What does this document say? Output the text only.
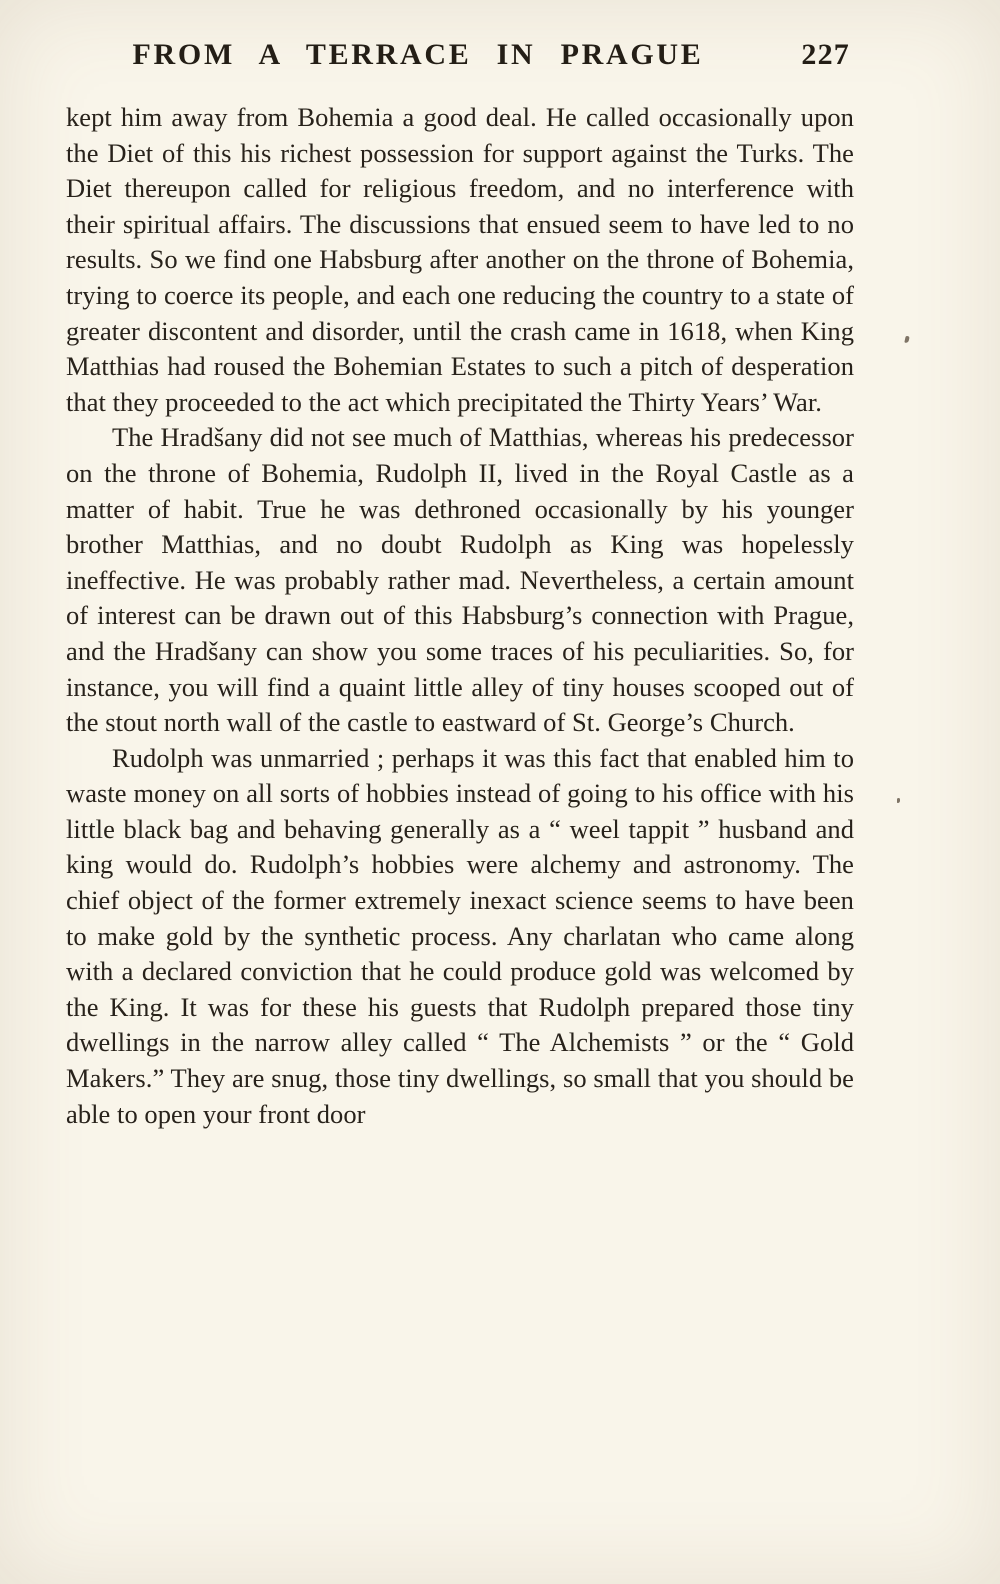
FROM A TERRACE IN PRAGUE	227

kept him away from Bohemia a good deal. He called occasionally upon the Diet of this his richest possession for support against the Turks. The Diet thereupon called for religious freedom, and no interference with their spiritual affairs. The discussions that ensued seem to have led to no results. So we find one Habsburg after another on the throne of Bohemia, trying to coerce its people, and each one reducing the country to a state of greater discontent and disorder, until the crash came in 1618, when King Matthias had roused the Bohemian Estates to such a pitch of desperation that they proceeded to the act which precipitated the Thirty Years’ War.

The Hradšany did not see much of Matthias, whereas his predecessor on the throne of Bohemia, Rudolph II, lived in the Royal Castle as a matter of habit. True he was dethroned occasionally by his younger brother Matthias, and no doubt Rudolph as King was hopelessly ineffective. He was probably rather mad. Nevertheless, a certain amount of interest can be drawn out of this Habsburg’s connection with Prague, and the Hradšany can show you some traces of his peculiarities. So, for instance, you will find a quaint little alley of tiny houses scooped out of the stout north wall of the castle to eastward of St. George’s Church.

Rudolph was unmarried ; perhaps it was this fact that enabled him to waste money on all sorts of hobbies instead of going to his office with his little black bag and behaving generally as a “ weel tappit ” husband and king would do. Rudolph’s hobbies were alchemy and astronomy. The chief object of the former extremely inexact science seems to have been to make gold by the synthetic process. Any charlatan who came along with a declared conviction that he could produce gold was welcomed by the King. It was for these his guests that Rudolph prepared those tiny dwellings in the narrow alley called “ The Alchemists ” or the “ Gold Makers.” They are snug, those tiny dwellings, so small that you should be able to open your front door
